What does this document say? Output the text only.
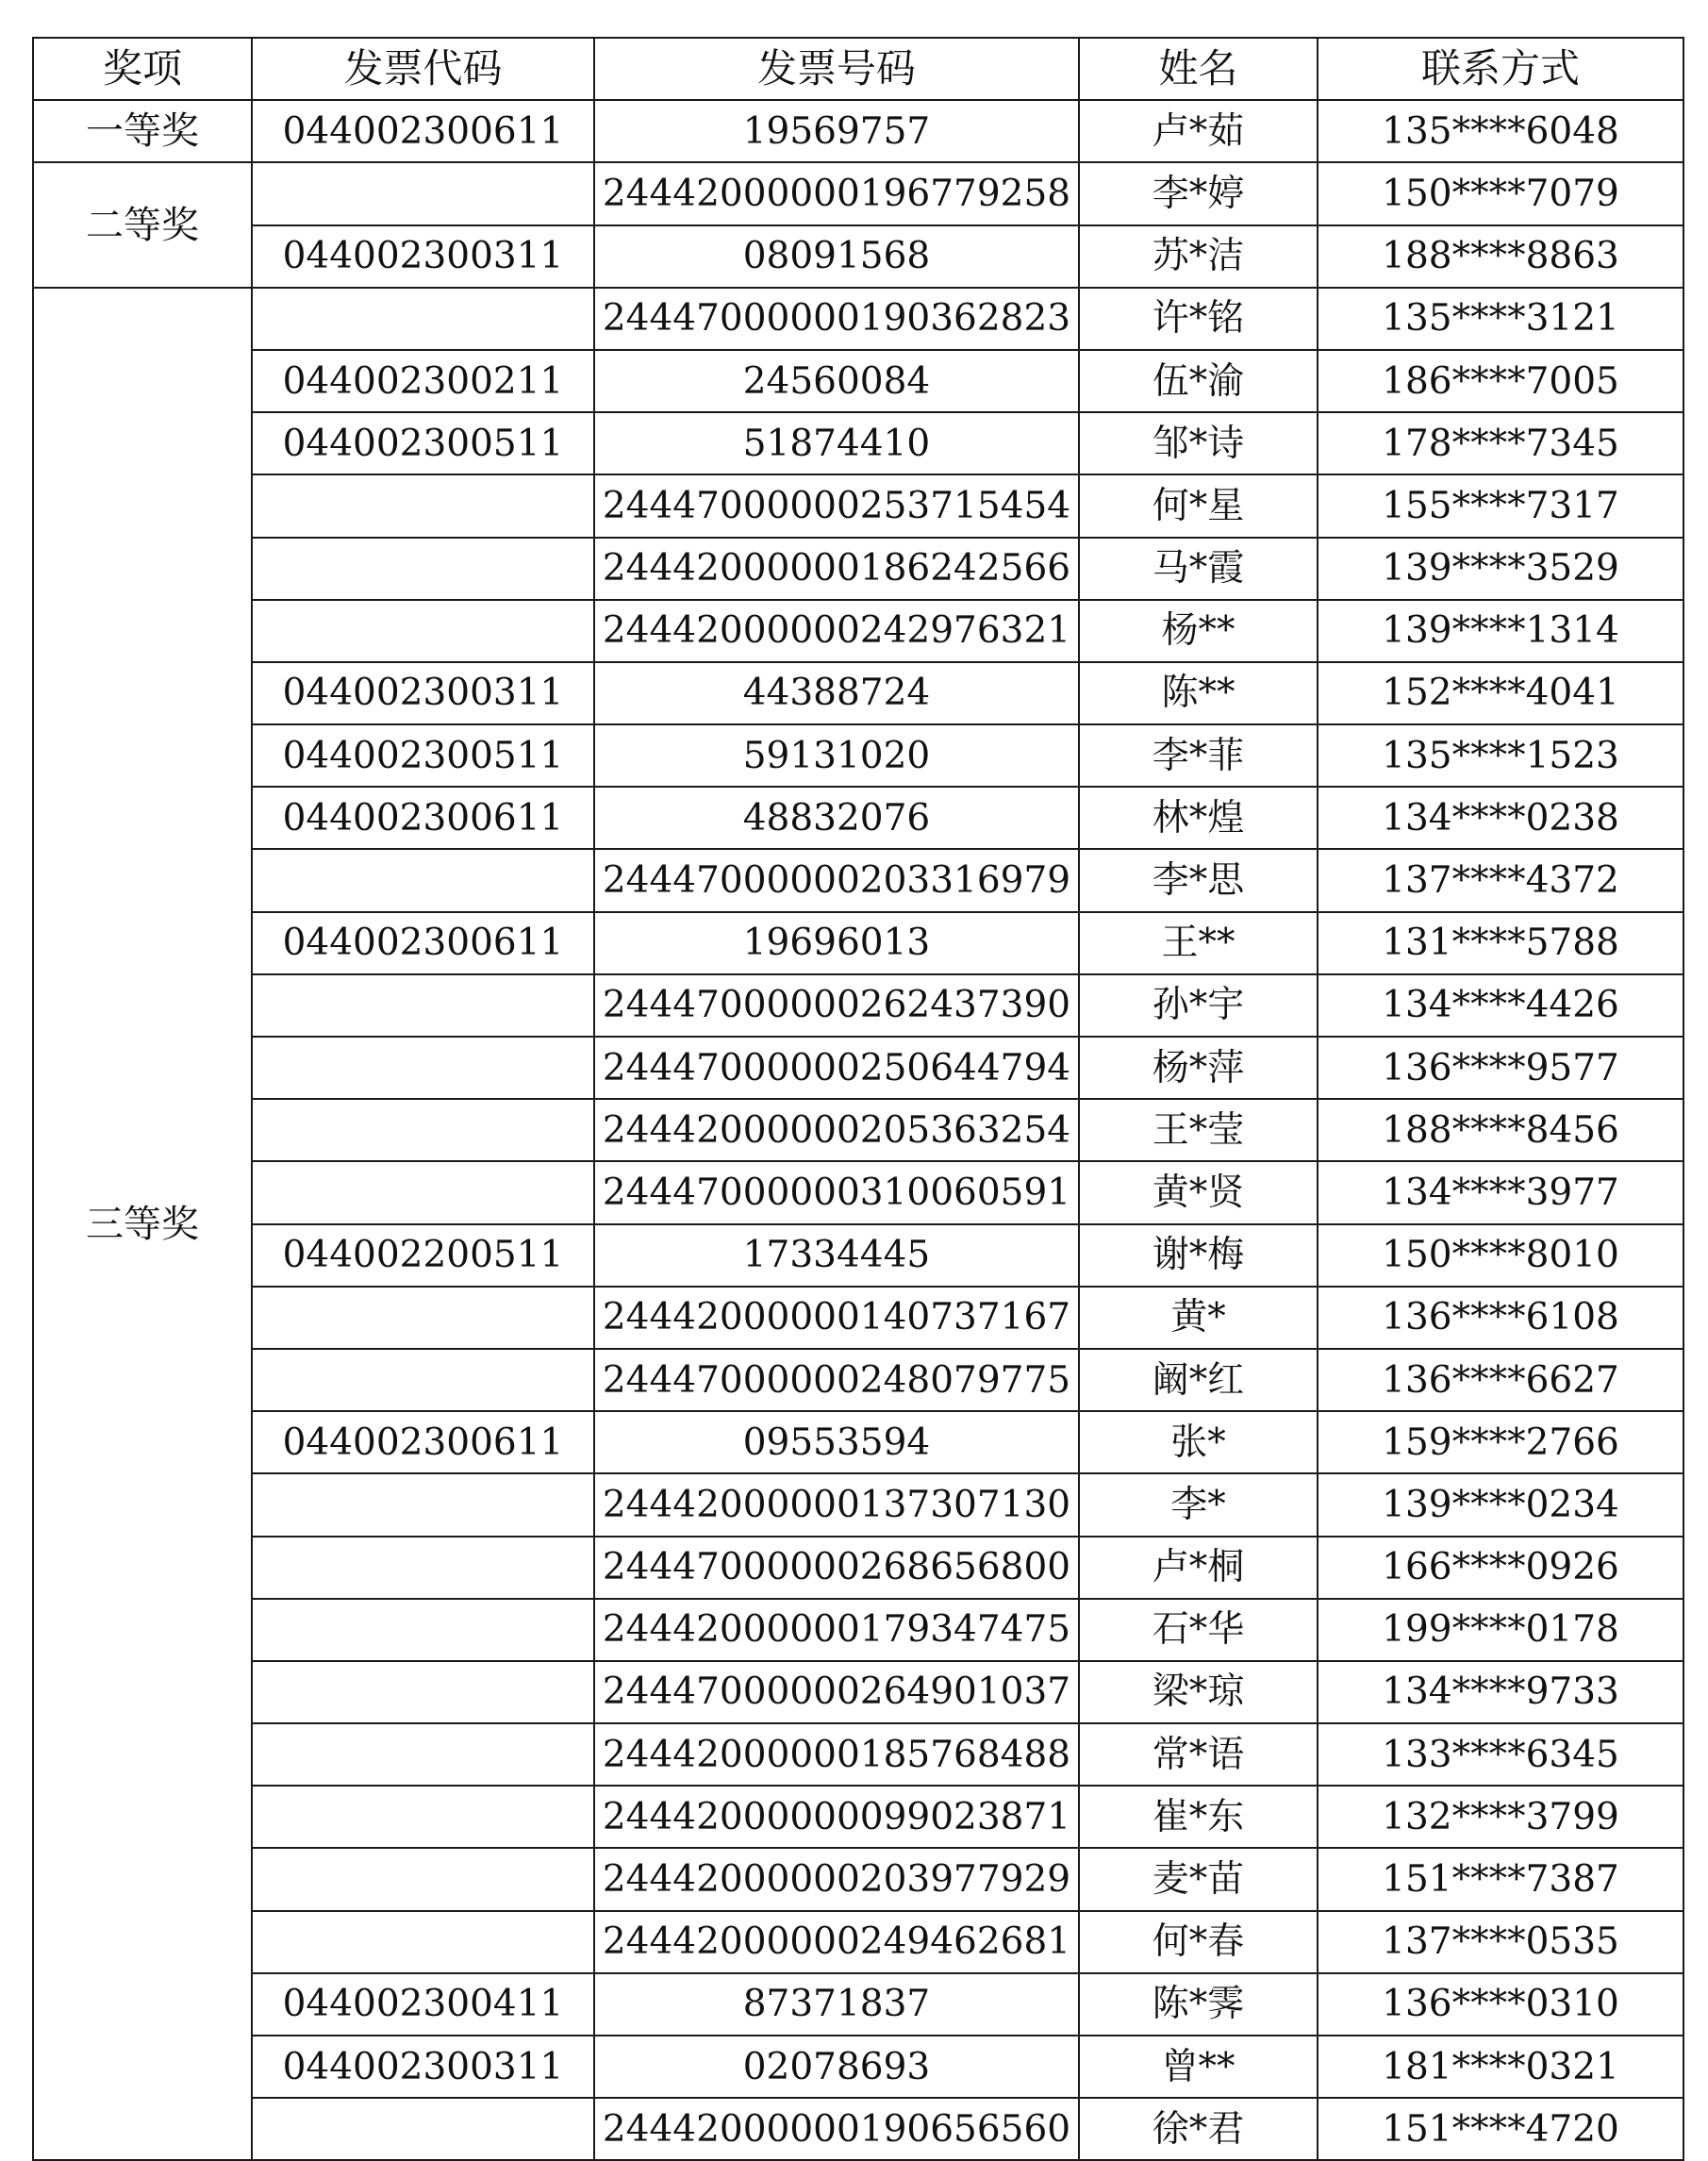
奖项	发票代码	发票号码	姓名	联系方式
一等奖	044002300611	19569757	卢*茹	135****6048
二等奖		24442000000196779258	李*婷	150****7079
	044002300311	08091568	苏*洁	188****8863
三等奖		24447000000190362823	许*铭	135****3121
	044002300211	24560084	伍*渝	186****7005
	044002300511	51874410	邹*诗	178****7345
		24447000000253715454	何*星	155****7317
		24442000000186242566	马*霞	139****3529
		24442000000242976321	杨**	139****1314
	044002300311	44388724	陈**	152****4041
	044002300511	59131020	李*菲	135****1523
	044002300611	48832076	林*煌	134****0238
		24447000000203316979	李*思	137****4372
	044002300611	19696013	王**	131****5788
		24447000000262437390	孙*宇	134****4426
		24447000000250644794	杨*萍	136****9577
		24442000000205363254	王*莹	188****8456
		24447000000310060591	黄*贤	134****3977
	044002200511	17334445	谢*梅	150****8010
		24442000000140737167	黄*	136****6108
		24447000000248079775	阚*红	136****6627
	044002300611	09553594	张*	159****2766
		24442000000137307130	李*	139****0234
		24447000000268656800	卢*桐	166****0926
		24442000000179347475	石*华	199****0178
		24447000000264901037	梁*琼	134****9733
		24442000000185768488	常*语	133****6345
		24442000000099023871	崔*东	132****3799
		24442000000203977929	麦*苗	151****7387
		24442000000249462681	何*春	137****0535
	044002300411	87371837	陈*霁	136****0310
	044002300311	02078693	曾**	181****0321
		24442000000190656560	徐*君	151****4720
